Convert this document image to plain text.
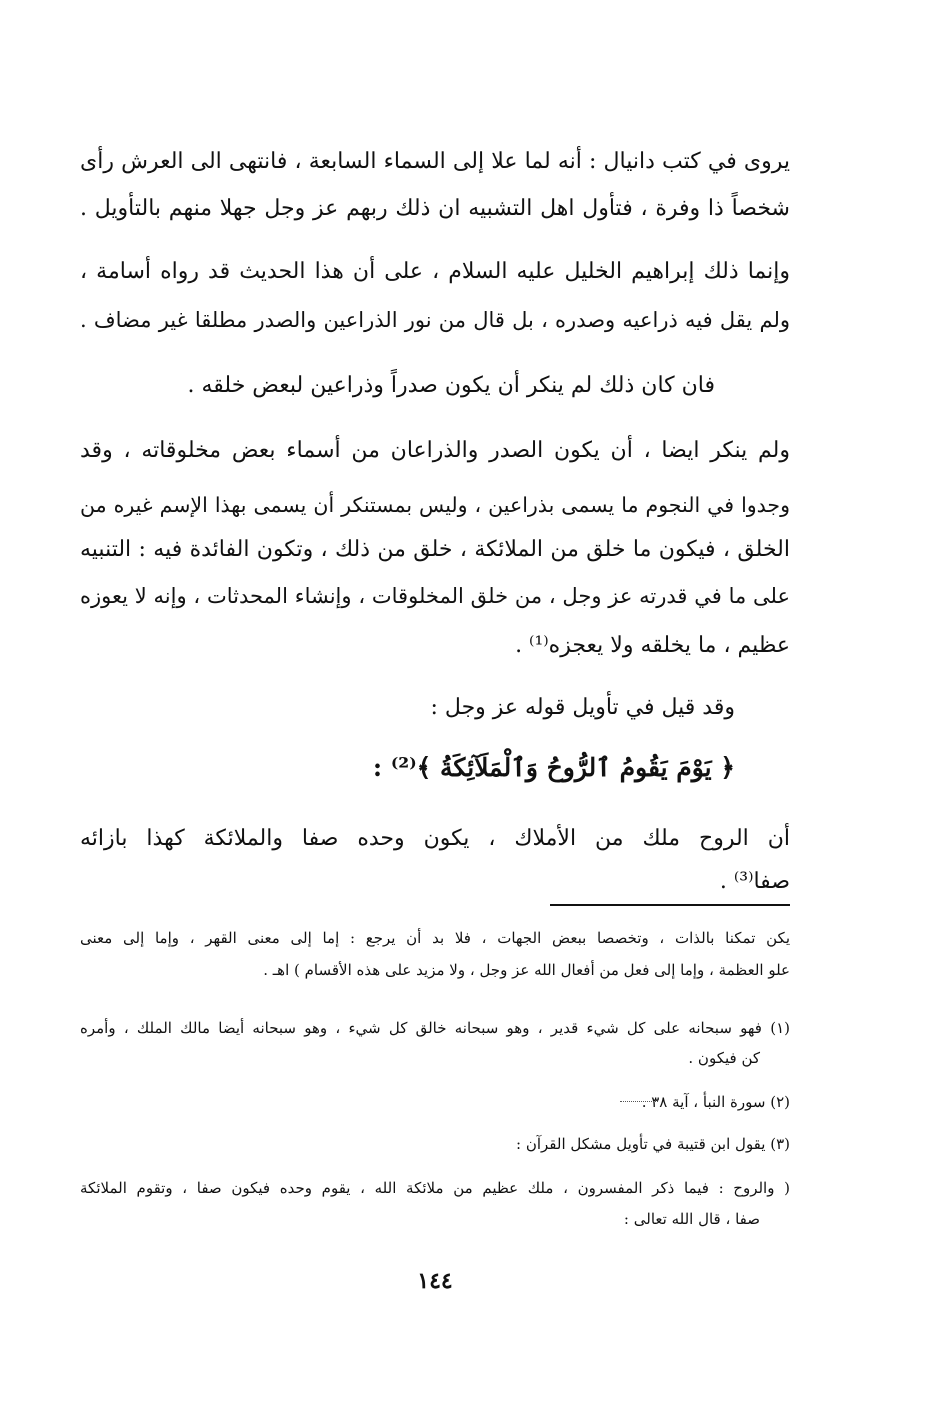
يروى في كتب دانيال : أنه لما علا إلى السماء السابعة ، فانتهى الى العرش رأى
شخصاً ذا وفرة ، فتأول اهل التشبيه ان ذلك ربهم عز وجل جهلا منهم بالتأويل .
وإنما ذلك إبراهيم الخليل عليه السلام ، على أن هذا الحديث قد رواه أسامة ،
ولم يقل فيه ذراعيه وصدره ، بل قال من نور الذراعين والصدر مطلقا غير مضاف .
فان كان ذلك لم ينكر أن يكون صدراً وذراعين لبعض خلقه .
ولم ينكر ايضا ، أن يكون الصدر والذراعان من أسماء بعض مخلوقاته ، وقد
وجدوا في النجوم ما يسمى بذراعين ، وليس بمستنكر أن يسمى بهذا الإسم غيره من
الخلق ، فيكون ما خلق من الملائكة ، خلق من ذلك ، وتكون الفائدة فيه : التنبيه
على ما في قدرته عز وجل ، من خلق المخلوقات ، وإنشاء المحدثات ، وإنه لا يعوزه
عظيم ، ما يخلقه ولا يعجزه⁽¹⁾ .
وقد قيل في تأويل قوله عز وجل :
﴿ يَوْمَ يَقُومُ ٱلرُّوحُ وَٱلْمَلَآئِكَةُ ﴾⁽²⁾ :
أن الروح ملك من الأملاك ، يكون وحده صفا والملائكة كهذا بازائه
صفا⁽³⁾ .
يكن تمكنا بالذات ، وتخصصا ببعض الجهات ، فلا بد أن يرجع : إما إلى معنى القهر ، وإما إلى معنى
علو العظمة ، وإما إلى فعل من أفعال الله عز وجل ، ولا مزيد على هذه الأقسام ) اهـ .
(١) فهو سبحانه على كل شيء قدير ، وهو سبحانه خالق كل شيء ، وهو سبحانه أيضا مالك الملك ، وأمره
كن فيكون .
(٢) سورة النبأ ، آية ٣٨ .
(٣) يقول ابن قتيبة في تأويل مشكل القرآن :
( والروح : فيما ذكر المفسرون ، ملك عظيم من ملائكة الله ، يقوم وحده فيكون صفا ، وتقوم الملائكة
صفا ، قال الله تعالى :
١٤٤
